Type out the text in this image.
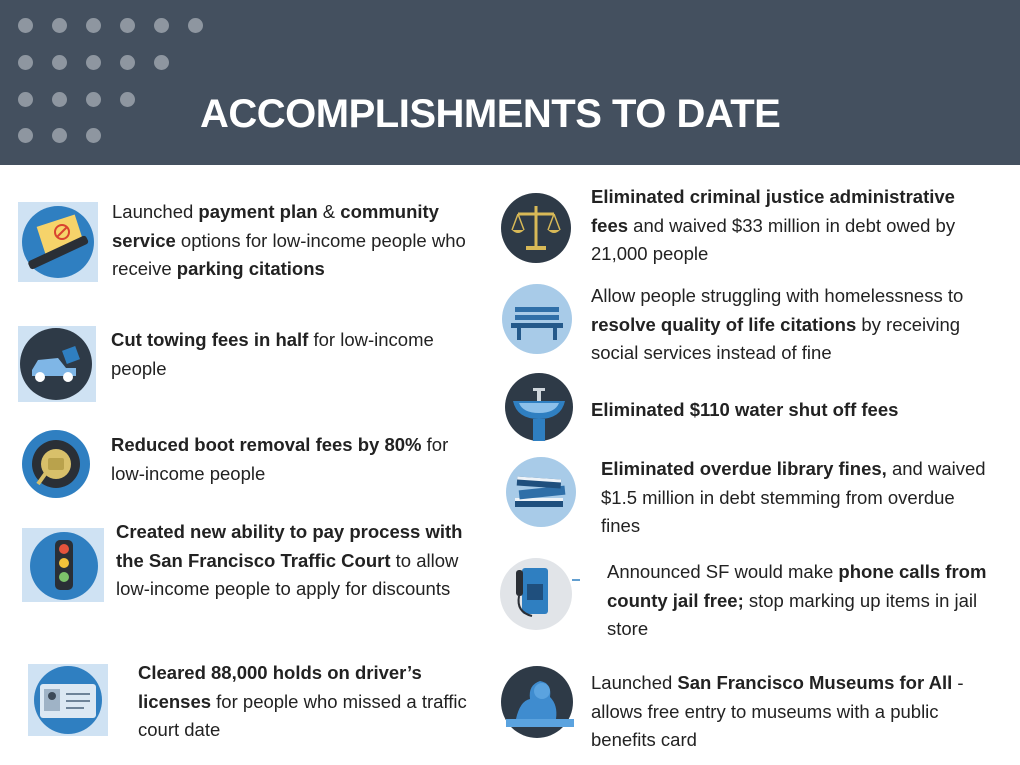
ACCOMPLISHMENTS TO DATE
Launched payment plan & community service options for low-income people who receive parking citations
Cut towing fees in half for low-income people
Reduced boot removal fees by 80% for low-income people
Created new ability to pay process with the San Francisco Traffic Court to allow low-income people to apply for discounts
Cleared 88,000 holds on driver’s licenses for people who missed a traffic court date
Eliminated criminal justice administrative fees and waived $33 million in debt owed by 21,000 people
Allow people struggling with homelessness to resolve quality of life citations by receiving social services instead of fine
Eliminated $110 water shut off fees
Eliminated overdue library fines, and waived $1.5 million in debt stemming from overdue fines
Announced SF would make phone calls from county jail free; stop marking up items in jail store
Launched San Francisco Museums for All - allows free entry to museums with a public benefits card
